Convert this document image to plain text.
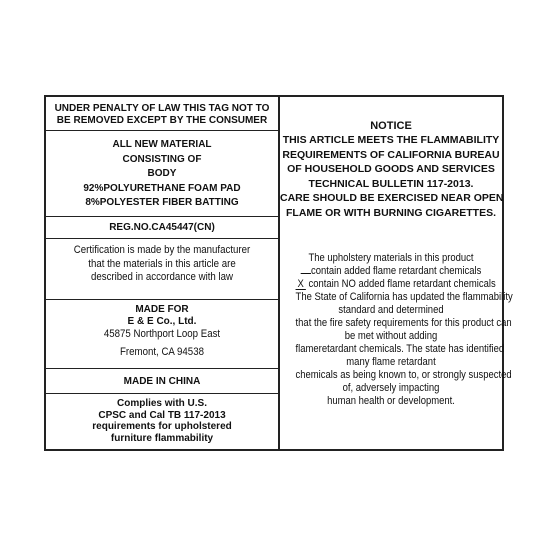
UNDER PENALTY OF LAW THIS TAG NOT TO
BE REMOVED EXCEPT BY THE CONSUMER
ALL NEW MATERIAL
CONSISTING OF
BODY
92%POLYURETHANE FOAM PAD
8%POLYESTER FIBER BATTING
REG.NO.CA45447(CN)
Certification is made by the manufacturer
that the materials in this article are
described in accordance with law
MADE FOR
E & E Co., Ltd.
45875 Northport Loop East
Fremont, CA 94538
MADE IN CHINA
Complies with U.S.
CPSC and Cal TB 117-2013
requirements for upholstered
furniture flammability
NOTICE
THIS ARTICLE MEETS THE FLAMMABILITY
REQUIREMENTS OF CALIFORNIA BUREAU
OF HOUSEHOLD GOODS AND SERVICES
TECHNICAL BULLETIN 117-2013.
CARE SHOULD BE EXERCISED NEAR OPEN
FLAME OR WITH BURNING CIGARETTES.
The upholstery materials in this product
contain added flame retardant chemicals
X contain NO added flame retardant chemicals
The State of California has updated the flammability
standard and determined
that the fire safety requirements for this product can
be met without adding
flameretardant chemicals. The state has identified
many flame retardant
chemicals as being known to, or strongly suspected
of, adversely impacting
human health or development.
